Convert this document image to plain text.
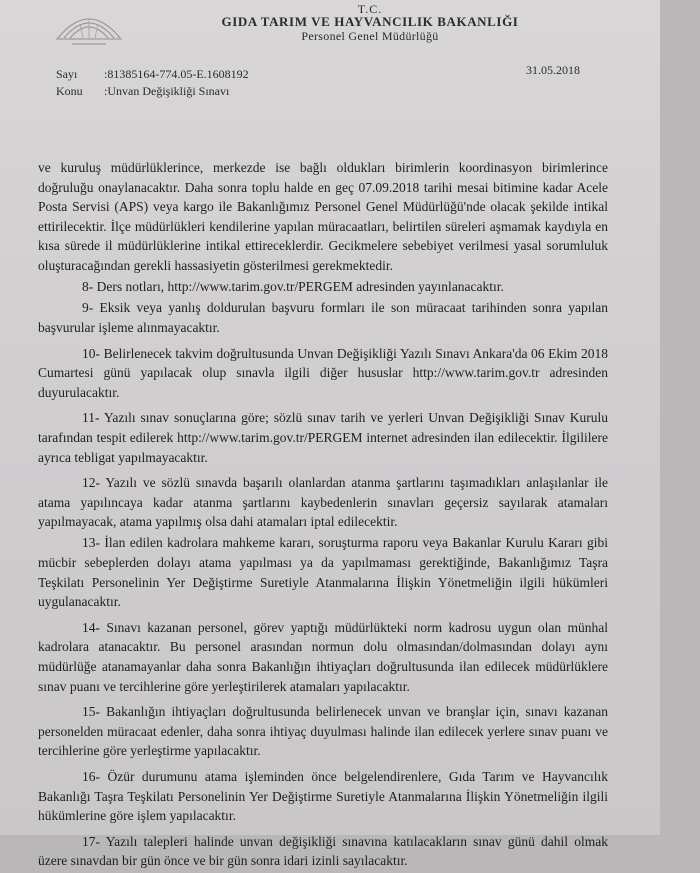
T.C.
GIDA TARIM VE HAYVANCILIK BAKANLIĞI
Personel Genel Müdürlüğü
Sayı :81385164-774.05-E.1608192
Konu :Unvan Değişikliği Sınavı
31.05.2018

ve kuruluş müdürlüklerince, merkezde ise bağlı oldukları birimlerin koordinasyon birimlerince doğruluğu onaylanacaktır. Daha sonra toplu halde en geç 07.09.2018 tarihi mesai bitimine kadar Acele Posta Servisi (APS) veya kargo ile Bakanlığımız Personel Genel Müdürlüğü'nde olacak şekilde intikal ettirilecektir. İlçe müdürlükleri kendilerine yapılan müracaatları, belirtilen süreleri aşmamak kaydıyla en kısa sürede il müdürlüklerine intikal ettireceklerdir. Gecikmelere sebebiyet verilmesi yasal sorumluluk oluşturacağından gerekli hassasiyetin gösterilmesi gerekmektedir.

8- Ders notları, http://www.tarim.gov.tr/PERGEM adresinden yayınlanacaktır.

9- Eksik veya yanlış doldurulan başvuru formları ile son müracaat tarihinden sonra yapılan başvurular işleme alınmayacaktır.

10- Belirlenecek takvim doğrultusunda Unvan Değişikliği Yazılı Sınavı Ankara'da 06 Ekim 2018 Cumartesi günü yapılacak olup sınavla ilgili diğer hususlar http://www.tarim.gov.tr adresinden duyurulacaktır.

11- Yazılı sınav sonuçlarına göre; sözlü sınav tarih ve yerleri Unvan Değişikliği Sınav Kurulu tarafından tespit edilerek http://www.tarim.gov.tr/PERGEM internet adresinden ilan edilecektir. İlgililere ayrıca tebligat yapılmayacaktır.

12- Yazılı ve sözlü sınavda başarılı olanlardan atanma şartlarını taşımadıkları anlaşılanlar ile atama yapılıncaya kadar atanma şartlarını kaybedenlerin sınavları geçersiz sayılarak atamaları yapılmayacak, atama yapılmış olsa dahi atamaları iptal edilecektir.

13- İlan edilen kadrolara mahkeme kararı, soruşturma raporu veya Bakanlar Kurulu Kararı gibi mücbir sebeplerden dolayı atama yapılması ya da yapılmaması gerektiğinde, Bakanlığımız Taşra Teşkilatı Personelinin Yer Değiştirme Suretiyle Atanmalarına İlişkin Yönetmeliğin ilgili hükümleri uygulanacaktır.

14- Sınavı kazanan personel, görev yaptığı müdürlükteki norm kadrosu uygun olan münhal kadrolara atanacaktır. Bu personel arasından normun dolu olmasından/dolmasından dolayı aynı müdürlüğe atanamayanlar daha sonra Bakanlığın ihtiyaçları doğrultusunda ilan edilecek müdürlüklere sınav puanı ve tercihlerine göre yerleştirilerek atamaları yapılacaktır.

15- Bakanlığın ihtiyaçları doğrultusunda belirlenecek unvan ve branşlar için, sınavı kazanan personelden müracaat edenler, daha sonra ihtiyaç duyulması halinde ilan edilecek yerlere sınav puanı ve tercihlerine göre yerleştirme yapılacaktır.

16- Özür durumunu atama işleminden önce belgelendirenlere, Gıda Tarım ve Hayvancılık Bakanlığı Taşra Teşkilatı Personelinin Yer Değiştirme Suretiyle Atanmalarına İlişkin Yönetmeliğin ilgili hükümlerine göre işlem yapılacaktır.

17- Yazılı talepleri halinde unvan değişikliği sınavına katılacakların sınav günü dahil olmak üzere sınavdan bir gün önce ve bir gün sonra idari izinli sayılacaktır.
